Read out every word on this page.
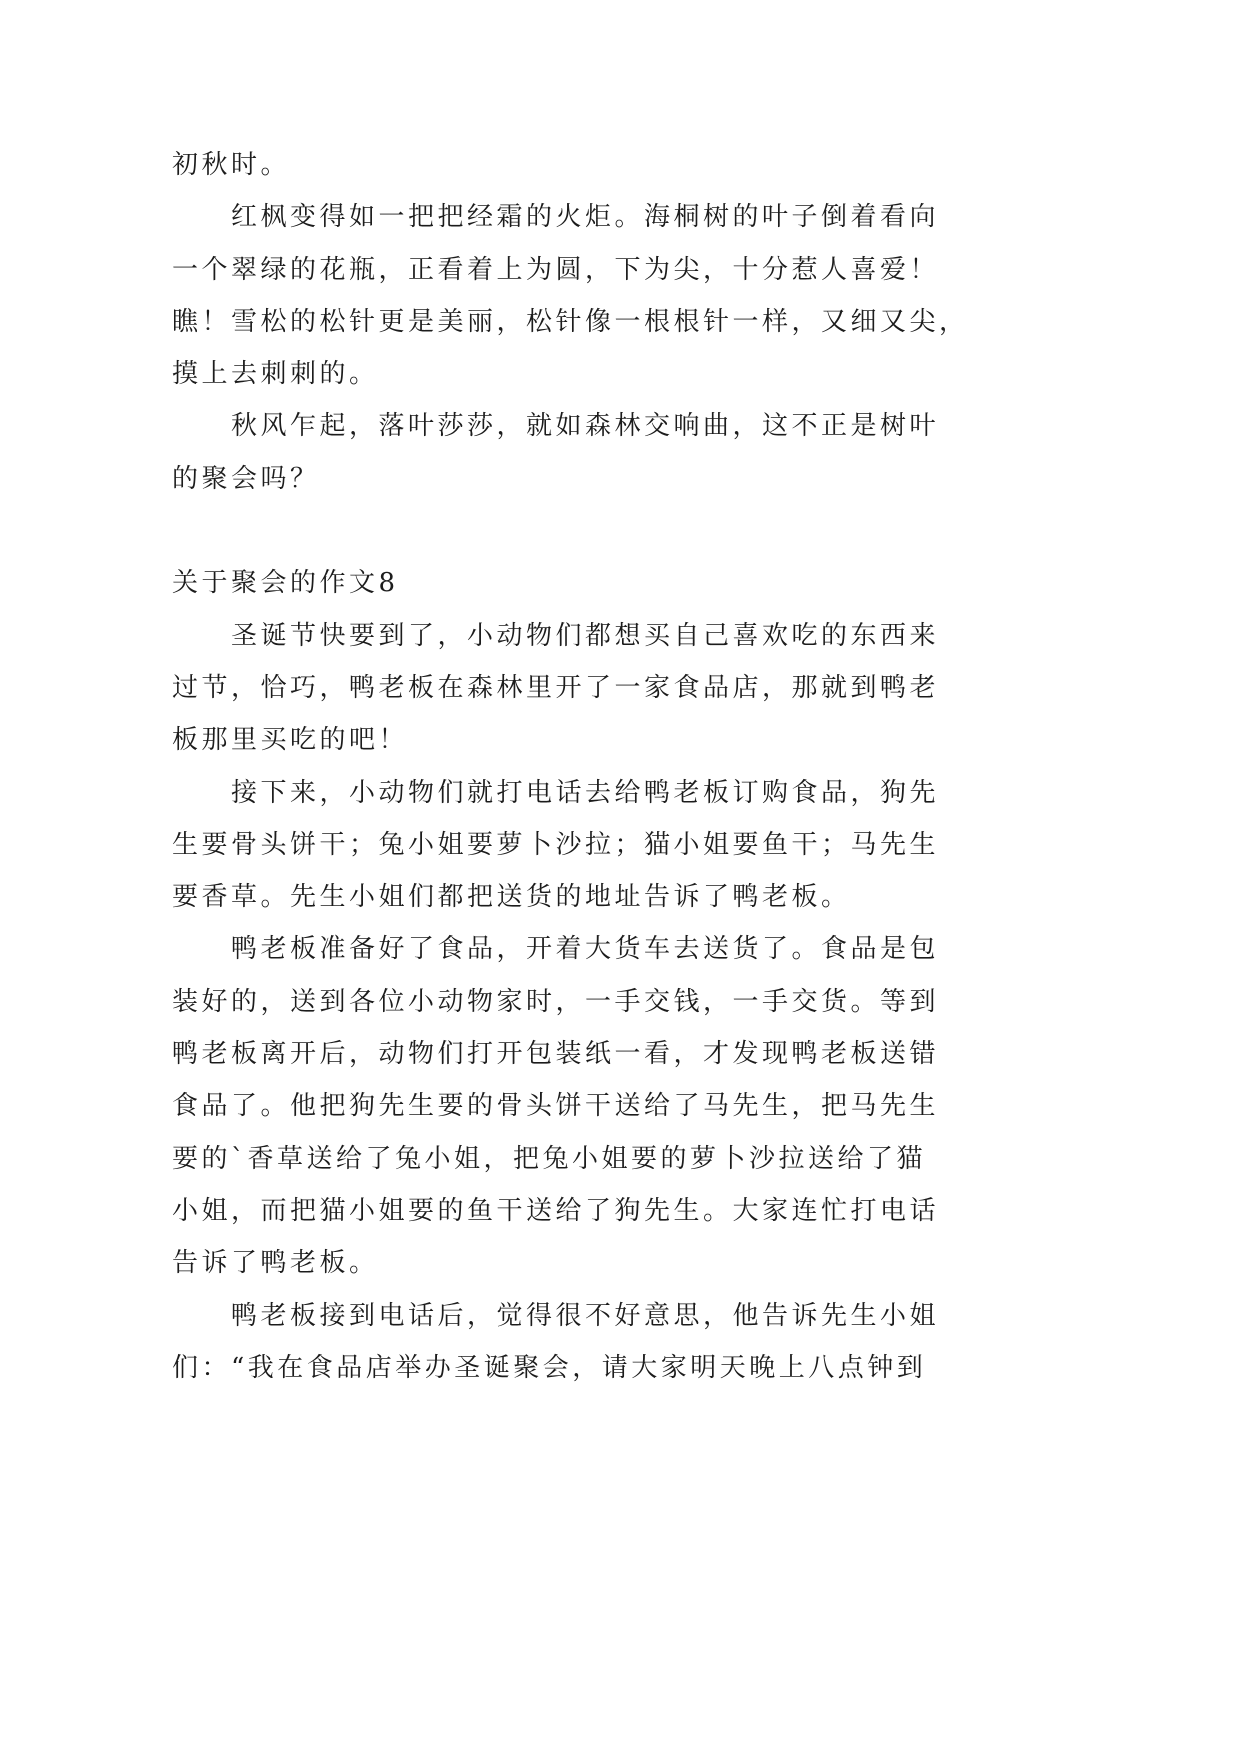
初秋时。
红枫变得如一把把经霜的火炬。海桐树的叶子倒着看向
一个翠绿的花瓶，正看着上为圆，下为尖，十分惹人喜爱！
瞧！雪松的松针更是美丽，松针像一根根针一样，又细又尖，
摸上去刺刺的。
秋风乍起，落叶莎莎，就如森林交响曲，这不正是树叶
的聚会吗？
关于聚会的作文8
圣诞节快要到了，小动物们都想买自己喜欢吃的东西来
过节，恰巧，鸭老板在森林里开了一家食品店，那就到鸭老
板那里买吃的吧！
接下来，小动物们就打电话去给鸭老板订购食品，狗先
生要骨头饼干；兔小姐要萝卜沙拉；猫小姐要鱼干；马先生
要香草。先生小姐们都把送货的地址告诉了鸭老板。
鸭老板准备好了食品，开着大货车去送货了。食品是包
装好的，送到各位小动物家时，一手交钱，一手交货。等到
鸭老板离开后，动物们打开包装纸一看，才发现鸭老板送错
食品了。他把狗先生要的骨头饼干送给了马先生，把马先生
要的`香草送给了兔小姐，把兔小姐要的萝卜沙拉送给了猫
小姐，而把猫小姐要的鱼干送给了狗先生。大家连忙打电话
告诉了鸭老板。
鸭老板接到电话后，觉得很不好意思，他告诉先生小姐
们：“我在食品店举办圣诞聚会，请大家明天晚上八点钟到
